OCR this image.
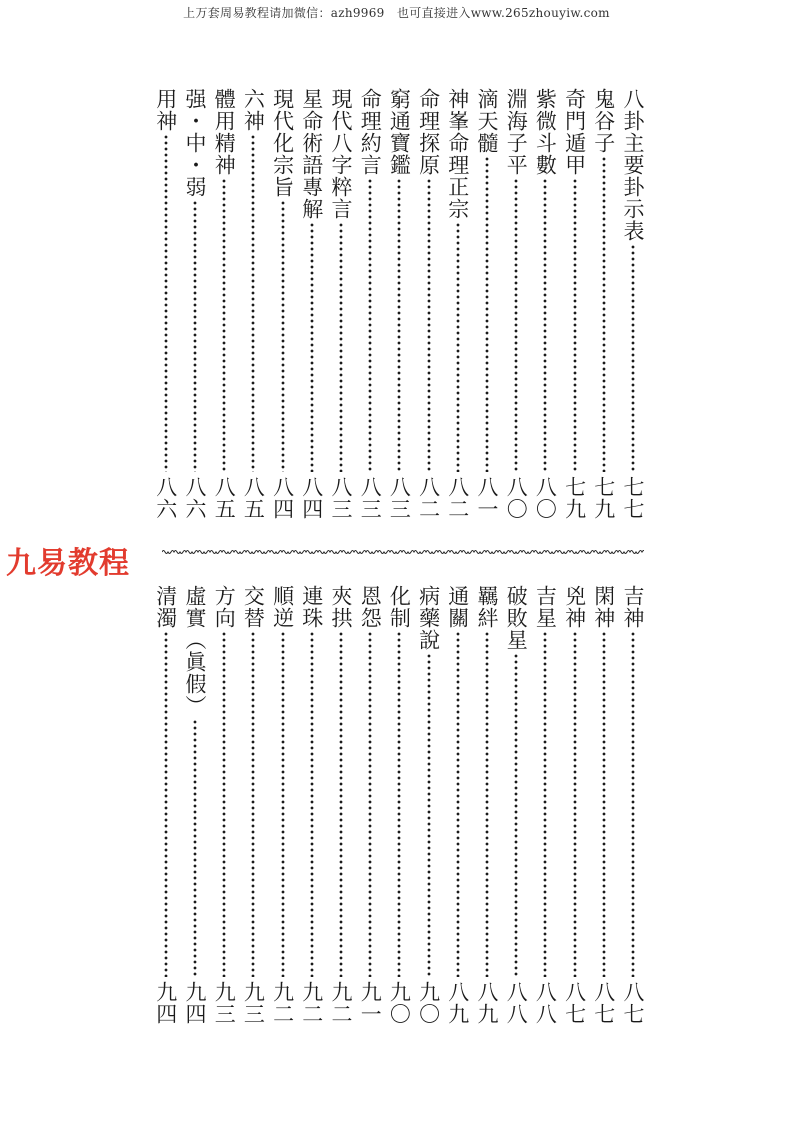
上万套周易教程请加微信：azh9969　也可直接进入www.265zhouyiw.com
九易教程
八卦主要卦示表
七七
鬼谷子
七九
奇門遁甲
七九
紫微斗數
八〇
淵海子平
八〇
滴天髓
八一
神峯命理正宗
八二
命理探原
八二
窮通寶鑑
八三
命理約言
八三
現代八字粹言
八三
星命術語專解
八四
現代化宗旨
八四
六神
八五
體用精神
八五
强・中・弱
八六
用神
八六
吉神
八七
閑神
八七
兇神
八七
吉星
八八
破敗星
八八
羈絆
八九
通關
八九
病藥說
九〇
化制
九〇
恩怨
九一
夾拱
九二
連珠
九二
順逆
九二
交替
九三
方向
九三
虛實（眞假）
九四
清濁
九四
